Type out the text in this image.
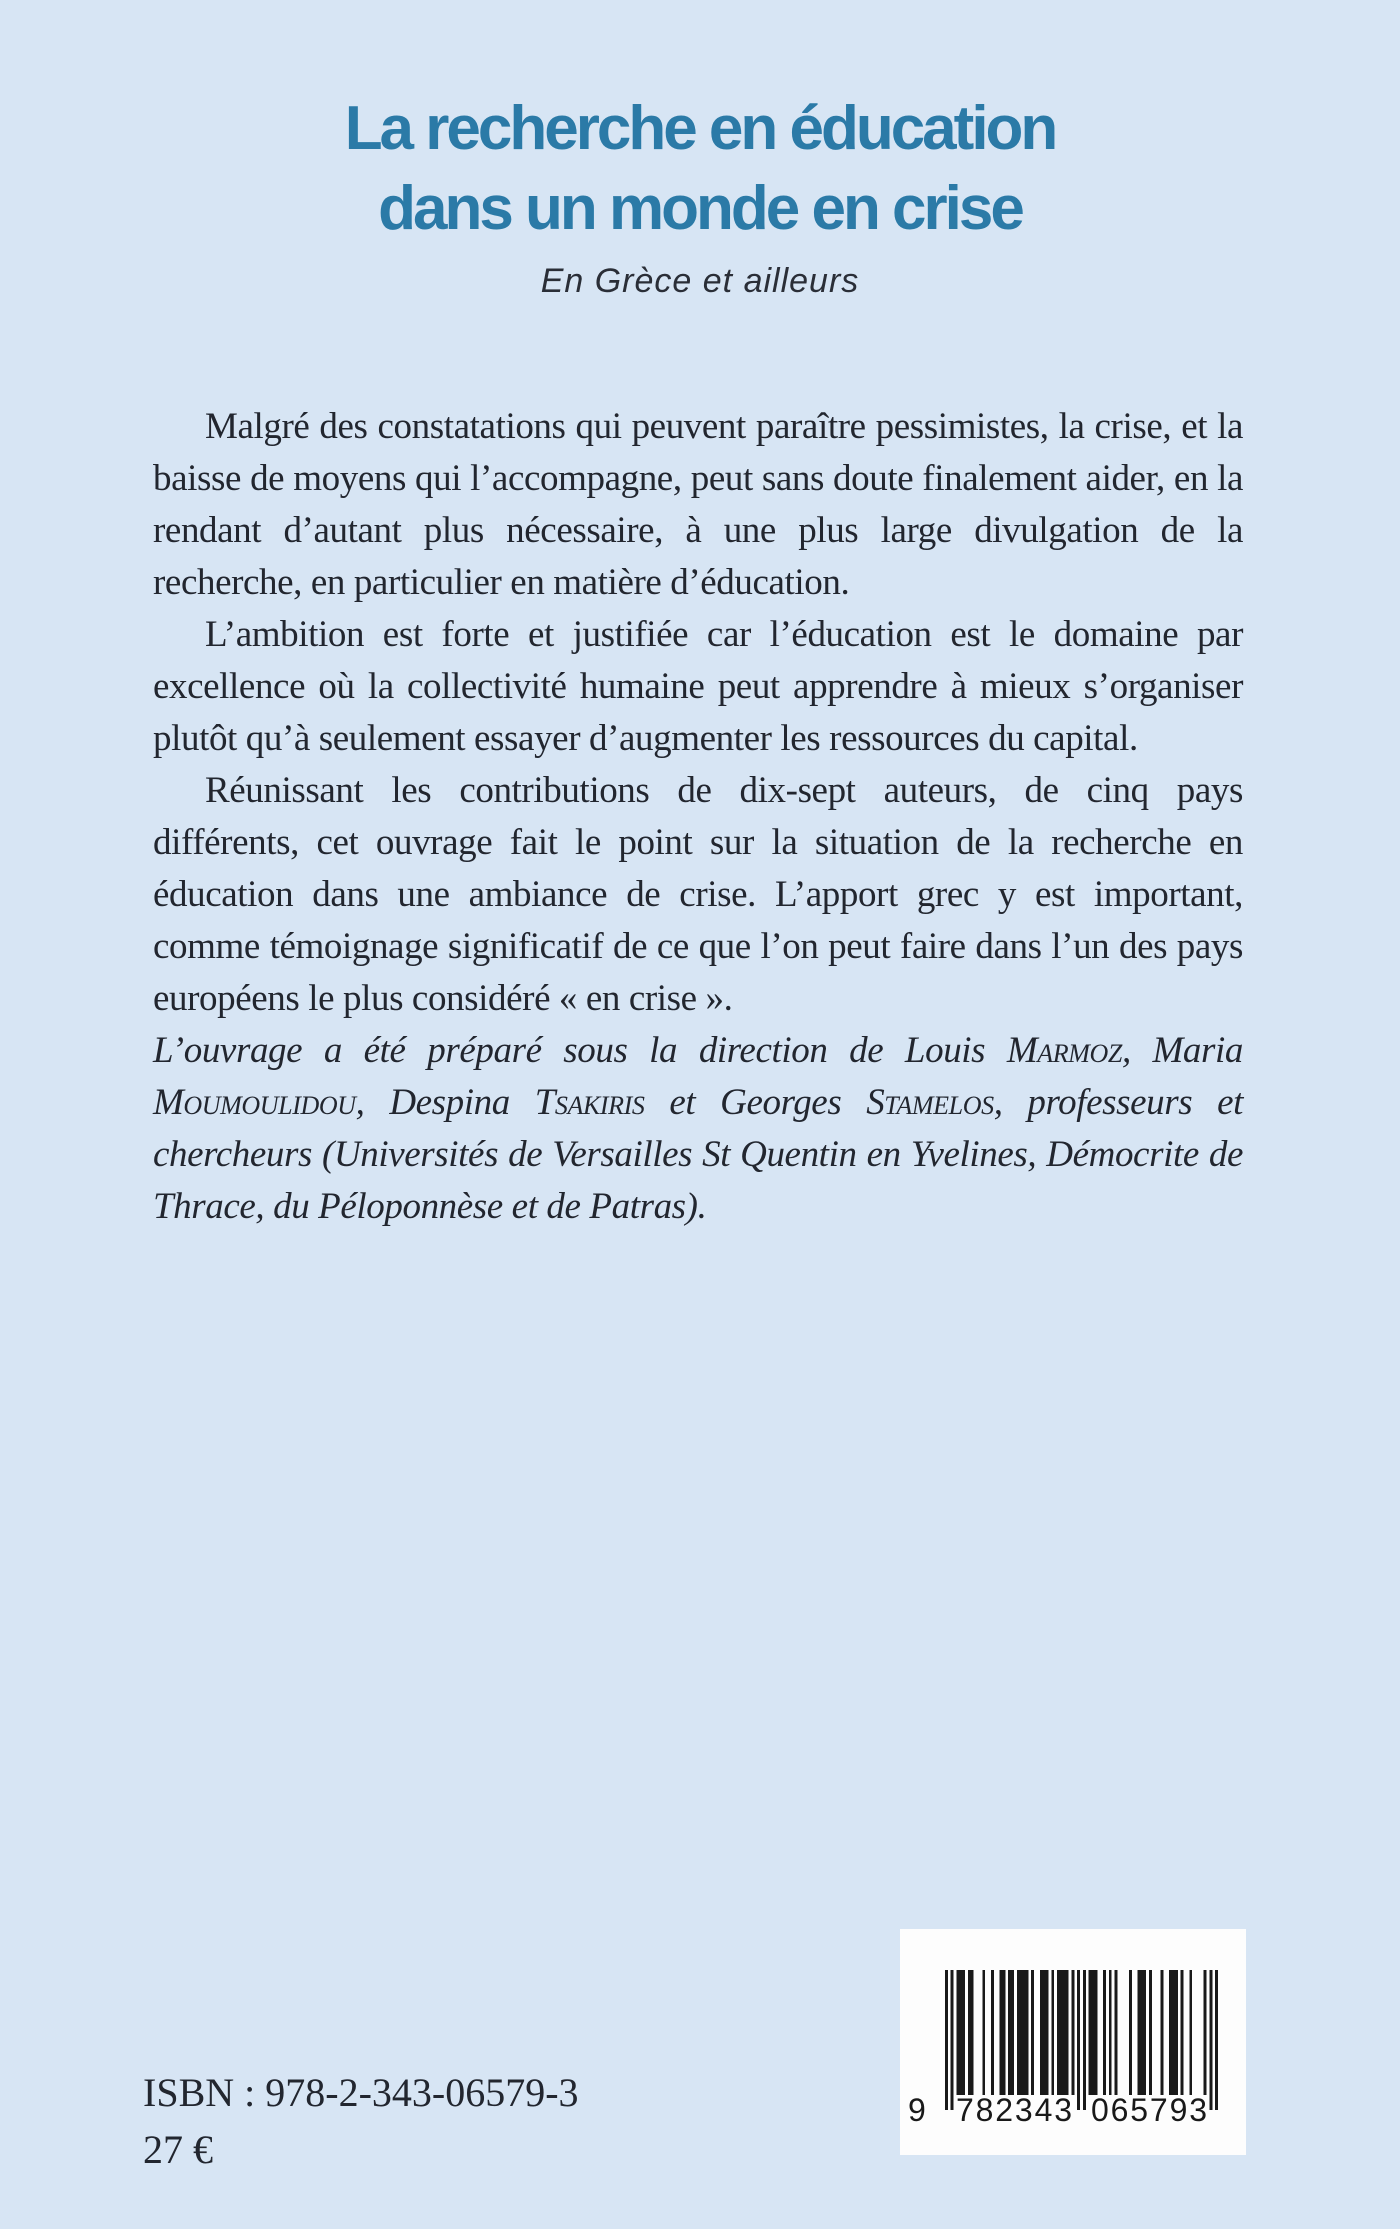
La recherche en éducation
dans un monde en crise
En Grèce et ailleurs

Malgré des constatations qui peuvent paraître pessimistes, la crise, et la baisse de moyens qui l’accompagne, peut sans doute finalement aider, en la rendant d’autant plus nécessaire, à une plus large divulgation de la recherche, en particulier en matière d’éducation.

L’ambition est forte et justifiée car l’éducation est le domaine par excellence où la collectivité humaine peut apprendre à mieux s’organiser plutôt qu’à seulement essayer d’augmenter les ressources du capital.

Réunissant les contributions de dix-sept auteurs, de cinq pays différents, cet ouvrage fait le point sur la situation de la recherche en éducation dans une ambiance de crise. L’apport grec y est important, comme témoignage significatif de ce que l’on peut faire dans l’un des pays européens le plus considéré « en crise ».

L’ouvrage a été préparé sous la direction de Louis Marmoz, Maria Moumoulidou, Despina Tsakiris et Georges Stamelos, professeurs et chercheurs (Universités de Versailles St Quentin en Yvelines, Démocrite de Thrace, du Péloponnèse et de Patras).

ISBN : 978-2-343-06579-3
27 €
9 7 8 2 3 4 3 0 6 5 7 9 3
